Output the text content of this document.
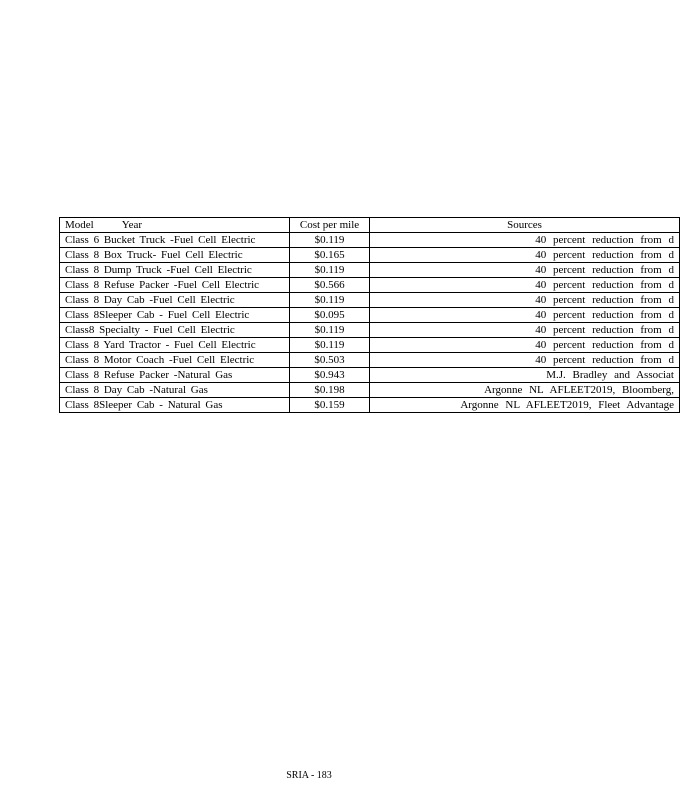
Model Year	Cost per mile	Sources
Class 6 Bucket Truck -Fuel Cell Electric	$0.119	40 percent reduction from d
Class 8 Box Truck- Fuel Cell Electric	$0.165	40 percent reduction from d
Class 8 Dump Truck -Fuel Cell Electric	$0.119	40 percent reduction from d
Class 8 Refuse Packer -Fuel Cell Electric	$0.566	40 percent reduction from d
Class 8 Day Cab -Fuel Cell Electric	$0.119	40 percent reduction from d
Class 8Sleeper Cab - Fuel Cell Electric	$0.095	40 percent reduction from d
Class8 Specialty - Fuel Cell Electric	$0.119	40 percent reduction from d
Class 8 Yard Tractor - Fuel Cell Electric	$0.119	40 percent reduction from d
Class 8 Motor Coach -Fuel Cell Electric	$0.503	40 percent reduction from d
Class 8 Refuse Packer -Natural Gas	$0.943	M.J. Bradley and Associat
Class 8 Day Cab -Natural Gas	$0.198	Argonne NL AFLEET2019, Bloomberg,
Class 8Sleeper Cab - Natural Gas	$0.159	Argonne NL AFLEET2019, Fleet Advantage
SRIA - 183
